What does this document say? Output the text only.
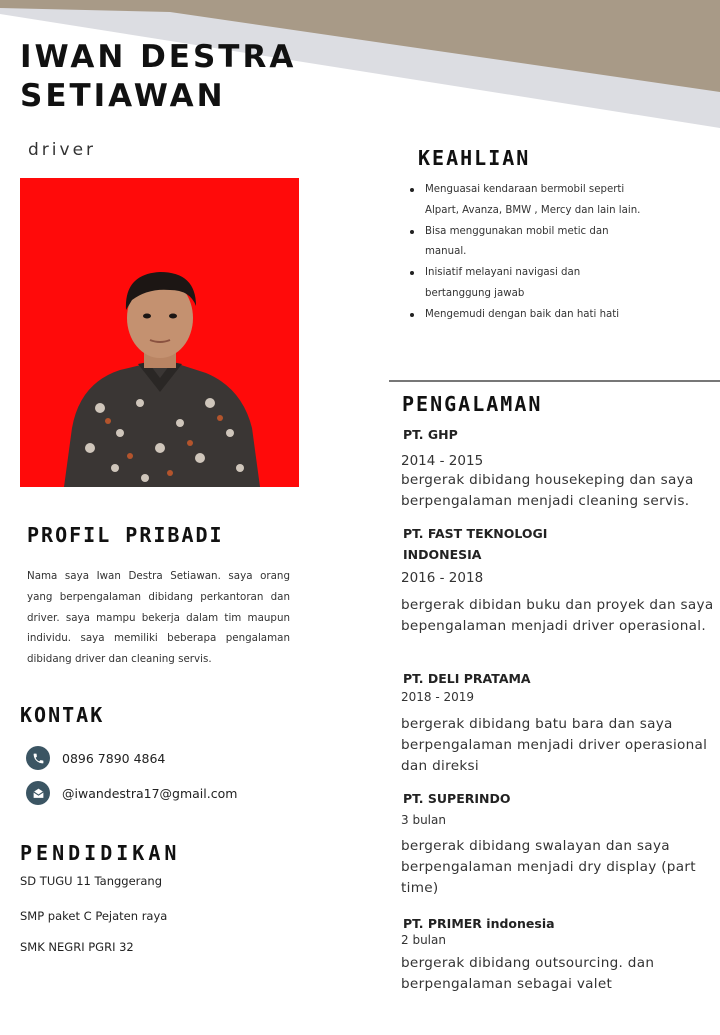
IWAN DESTRA
SETIAWAN
driver
PROFIL PRIBADI

Nama saya Iwan Destra Setiawan. saya orang yang berpengalaman dibidang perkantoran dan driver. saya mampu bekerja dalam tim maupun individu. saya memiliki beberapa pengalaman dibidang driver dan cleaning servis.

KONTAK
0896 7890 4864
@iwandestra17@gmail.com
PENDIDIKAN
SD TUGU 11 Tanggerang
SMP paket C Pejaten raya
SMK NEGRI PGRI 32
KEAHLIAN
Menguasai kendaraan bermobil seperti Alpart, Avanza, BMW , Mercy dan lain lain.
Bisa menggunakan mobil metic dan manual.
Inisiatif melayani navigasi dan bertanggung jawab
Mengemudi dengan baik dan hati hati
PENGALAMAN
PT. GHP
2014 - 2015

bergerak dibidang housekeping dan saya berpengalaman menjadi cleaning servis.

PT. FAST TEKNOLOGI
INDONESIA
2016 - 2018

bergerak dibidan buku dan proyek dan saya bepengalaman menjadi driver operasional.

PT. DELI PRATAMA
2018 - 2019

bergerak dibidang batu bara dan saya berpengalaman menjadi driver operasional dan direksi

PT. SUPERINDO
3 bulan

bergerak dibidang swalayan dan saya berpengalaman menjadi dry display (part time)

PT. PRIMER indonesia
2 bulan

bergerak dibidang outsourcing. dan berpengalaman sebagai valet
